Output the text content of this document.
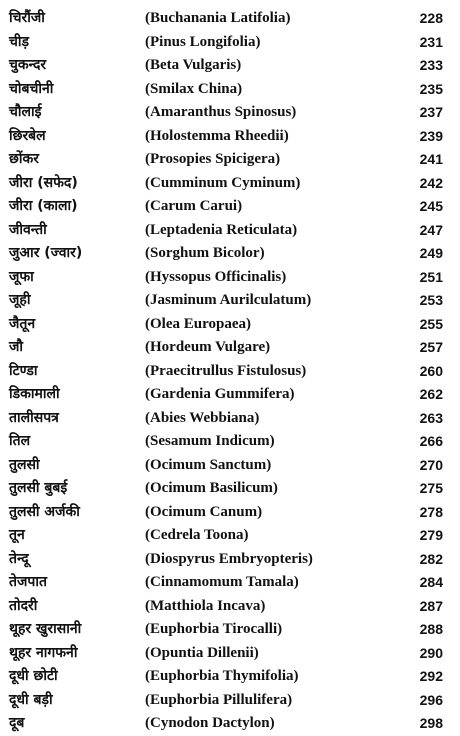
चिरौंजी	(Buchanania Latifolia)	228
चीड़	(Pinus Longifolia)	231
चुकन्दर	(Beta Vulgaris)	233
चोबचीनी	(Smilax China)	235
चौलाई	(Amaranthus Spinosus)	237
छिरबेल	(Holostemma Rheedii)	239
छोंकर	(Prosopies Spicigera)	241
जीरा (सफेद)	(Cumminum Cyminum)	242
जीरा (काला)	(Carum Carui)	245
जीवन्ती	(Leptadenia Reticulata)	247
जुआर (ज्वार)	(Sorghum Bicolor)	249
जूफा	(Hyssopus Officinalis)	251
जूही	(Jasminum Aurilculatum)	253
जैतून	(Olea Europaea)	255
जौ	(Hordeum Vulgare)	257
टिण्डा	(Praecitrullus Fistulosus)	260
डिकामाली	(Gardenia Gummifera)	262
तालीसपत्र	(Abies Webbiana)	263
तिल	(Sesamum Indicum)	266
तुलसी	(Ocimum Sanctum)	270
तुलसी बुबई	(Ocimum Basilicum)	275
तुलसी अर्जकी	(Ocimum Canum)	278
तून	(Cedrela Toona)	279
तेन्दू	(Diospyrus Embryopteris)	282
तेजपात	(Cinnamomum Tamala)	284
तोदरी	(Matthiola Incava)	287
थूहर खुरासानी	(Euphorbia Tirocalli)	288
थूहर नागफनी	(Opuntia Dillenii)	290
दूधी छोटी	(Euphorbia Thymifolia)	292
दूधी बड़ी	(Euphorbia Pillulifera)	296
दूब	(Cynodon Dactylon)	298
